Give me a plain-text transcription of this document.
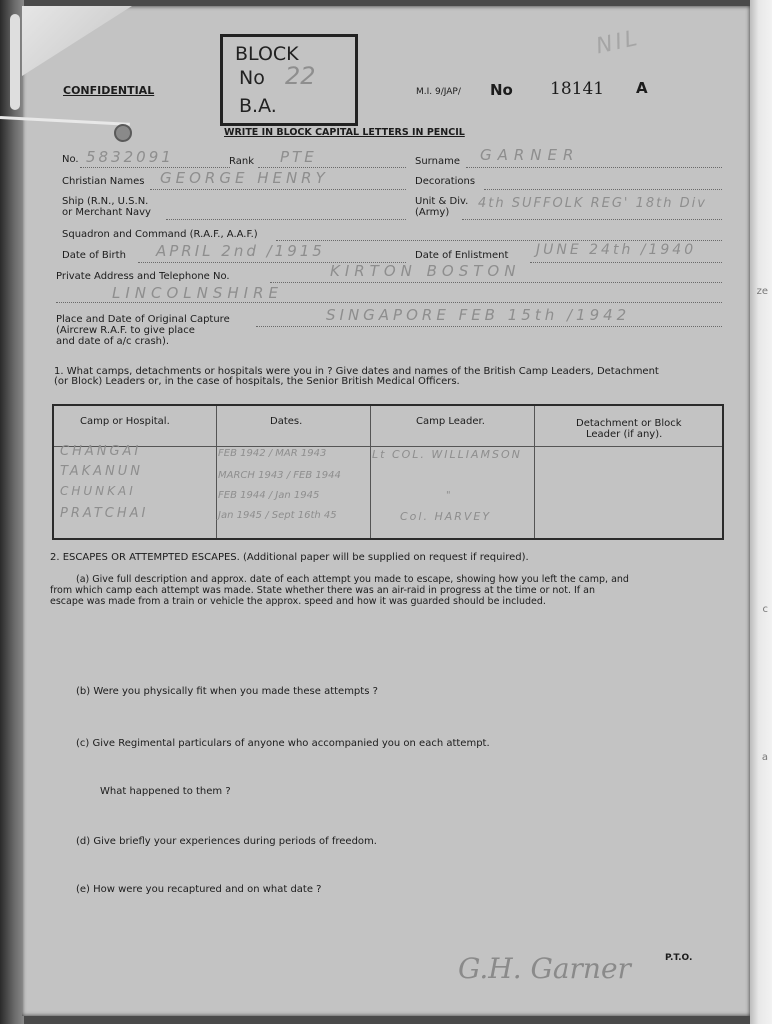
ze
c
a
CONFIDENTIAL
BLOCK
No 22
B.A.
M.I. 9/JAP/ No 18141 A
NIL
WRITE IN BLOCK CAPITAL LETTERS IN PENCIL
No. 5832091	Rank PTE	Surname GARNER
Christian Names GEORGE HENRY	Decorations
Ship (R.N., U.S.N.
or Merchant Navy
Unit & Div.
(Army)
4th SUFFOLK REG' 18th Div
Squadron and Command (R.A.F., A.A.F.)
Date of Birth APRIL 2nd /1915	Date of Enlistment JUNE 24th /1940
Private Address and Telephone No.	KIRTON BOSTON
LINCOLNSHIRE
Place and Date of Original Capture
(Aircrew R.A.F. to give place
and date of a/c crash).
SINGAPORE FEB 15th /1942
1. What camps, detachments or hospitals were you in ? Give dates and names of the British Camp Leaders, Detachment
(or Block) Leaders or, in the case of hospitals, the Senior British Medical Officers.
Camp or Hospital.	Dates.	Camp Leader.	Detachment or Block
Leader (if any).
CHANGAI	FEB 1942 / MAR 1943	Lt COL. WILLIAMSON
TAKANUN	MARCH 1943 / FEB 1944
CHUNKAI	FEB 1944 / Jan 1945	"
PRATCHAI	Jan 1945 / Sept 16th 45	Col. HARVEY
2. ESCAPES OR ATTEMPTED ESCAPES. (Additional paper will be supplied on request if required).
(a) Give full description and approx. date of each attempt you made to escape, showing how you left the camp, and
from which camp each attempt was made. State whether there was an air-raid in progress at the time or not. If an
escape was made from a train or vehicle the approx. speed and how it was guarded should be included.
(b) Were you physically fit when you made these attempts ?
(c) Give Regimental particulars of anyone who accompanied you on each attempt.
What happened to them ?
(d) Give briefly your experiences during periods of freedom.
(e) How were you recaptured and on what date ?
P.T.O.
G.H. Garner
